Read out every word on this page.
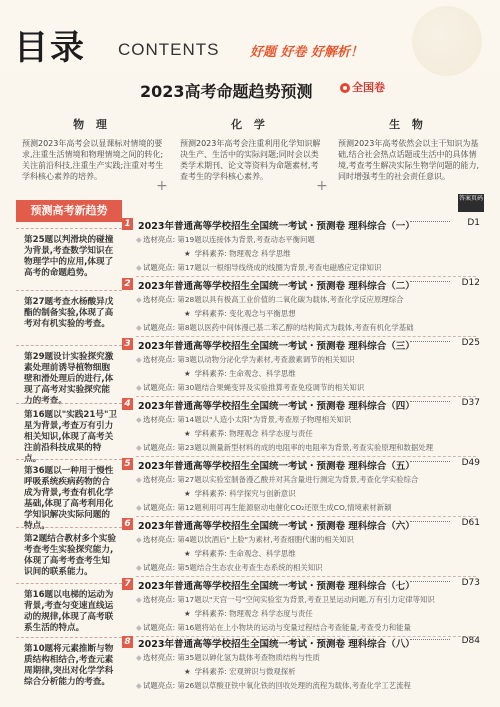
目录 CONTENTS 好题 好卷 好解析！
2023高考命题趋势预测	全国卷
物 理
预测2023年高考会以显课标对情境的要求,注重生活情境和物理情境之间的转化;关注前沿科技,注重生产实践;注重对考生学科核心素养的培养。
化 学
预测2023年高考会注重利用化学知识解决生产、生活中的实际问题;同时会以类类学术期刊、论文等资料为命题素材,考查考生的学科核心素养。
生 物
预测2023年高考依然会以主干知识为基础,结合社会热点话题或生活中的具体情境,考查考生解决实际生物学问题的能力,同时增强考生的社会责任意识。
+	+
答案页码
预测高考新趋势

第25题以判滑块的碰撞为背景,考查数学知识在物理学中的应用,体现了高考的命题趋势。

第27题考查水杨酸异戊酯的制备实验,体现了高考对有机实验的考查。

第29题设计实验探究激素处理前诱导植物细胞壁和滑处理后的进行,体现了高考对实验探究能力的考查。

第16题以"实践21号"卫星为背景,考查万有引力相关知识,体现了高考关注前沿科技成果的特点。

第36题以一种用于慢性呼吸系统疾病药物的合成为背景,考查有机化学基础,体现了高考利用化学知识解决实际问题的特点。

第2题结合教材多个实验考查考生实验探究能力,体现了高考考查考生知识间的联系能力。

第16题以电梯的运动为背景,考查匀变速直线运动的规律,体现了高考联系生活的特点。

第10题将元素推断与物质结构相结合,考查元素周期律,突出对化学学科综合分析能力的考查。

1 2023年普通高等学校招生全国统一考试・预测卷 理科综合（一）	D1
◆选材亮点: 第19题以连接体为背景,考查动态平衡问题
★ 学科素养: 物理观念 科学思维
◆试题亮点: 第17题以一根细导线绕成的线圈为背景,考查电磁感应定律知识
2 2023年普通高等学校招生全国统一考试・预测卷 理科综合（二）	D12
◆选材亮点: 第28题以具有极高工业价值的二氧化碳为载体,考查化学反应原理综合
★ 学科素养: 变化观念与平衡思想
◆试题亮点: 第8题以医药中间体漫己基二苯乙醇的结构简式为载体,考查有机化学基础
3 2023年普通高等学校招生全国统一考试・预测卷 理科综合（三）	D25
◆选材亮点: 第3题以动物分泌化学为素材,考查激素调节的相关知识
★ 学科素养: 生命观念、科学思维
◆试题亮点: 第30题结合果蝇变异及实验推算考查免疫调节的相关知识
4 2023年普通高等学校招生全国统一考试・预测卷 理科综合（四）	D37
◆选材亮点: 第14题以"人造小太阳"为背景,考查原子物理相关知识
★ 学科素养: 物理观念 科学态度与责任
◆试题亮点: 第23题以测量新型材料的成的电阻率的电阻率为背景,考查实验原理和数据处理
5 2023年普通高等学校招生全国统一考试・预测卷 理科综合（五）	D49
◆选材亮点: 第27题以实验室制备漫乙酸并对其含量进行测定为背景,考查化学实验综合
★ 学科素养: 科学探究与创新意识
◆试题亮点: 第12题利用可再生能源驱动电催化CO₂还原生成CO,情境素材新颖
6 2023年普通高等学校招生全国统一考试・预测卷 理科综合（六）	D61
◆选材亮点: 第4题以饮酒后"上脸"为素材,考查细胞代谢的相关知识
★ 学科素养: 生命观念、科学思维
◆试题亮点: 第5题结合生态农业考查生态系统的相关知识
7 2023年普通高等学校招生全国统一考试・预测卷 理科综合（七）	D73
◆选材亮点: 第17题以"天宫一号"空间实验室为背景,考查卫星运动问题,万有引力定律等知识
★ 学科素养: 物理观念 科学态度与责任
◆试题亮点: 第16题将站在上小物块的运动与变量过程结合考查能量,考查受力和能量
8 2023年普通高等学校招生全国统一考试・预测卷 理科综合（八）	D84
◆选材亮点: 第35题以砷化氢为载体考查物质结构与性质
★ 学科素养: 宏观辨识与微观探析
◆试题亮点: 第26题以草酸亚铁中氧化铁的回收处理的流程为载体,考查化学工艺流程
